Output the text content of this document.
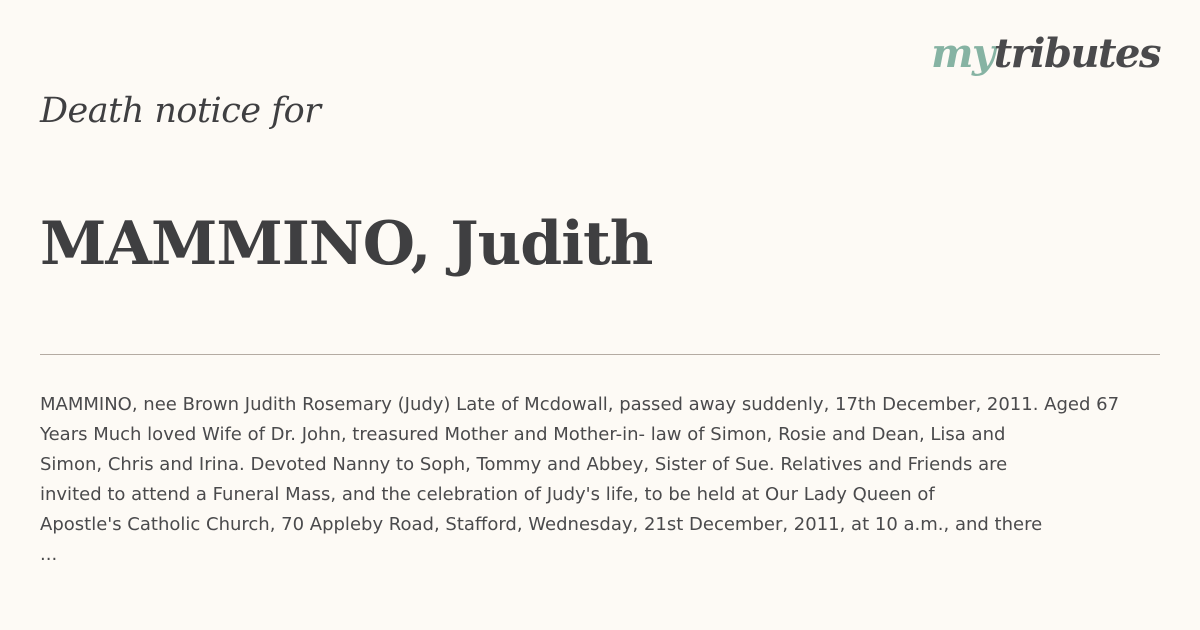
mytributes
Death notice for
MAMMINO, Judith

MAMMINO, nee Brown Judith Rosemary (Judy) Late of Mcdowall, passed away suddenly, 17th December, 2011. Aged 67
Years Much loved Wife of Dr. John, treasured Mother and Mother-in- law of Simon, Rosie and Dean, Lisa and
Simon, Chris and Irina. Devoted Nanny to Soph, Tommy and Abbey, Sister of Sue. Relatives and Friends are
invited to attend a Funeral Mass, and the celebration of Judy's life, to be held at Our Lady Queen of
Apostle's Catholic Church, 70 Appleby Road, Stafford, Wednesday, 21st December, 2011, at 10 a.m., and there
...
